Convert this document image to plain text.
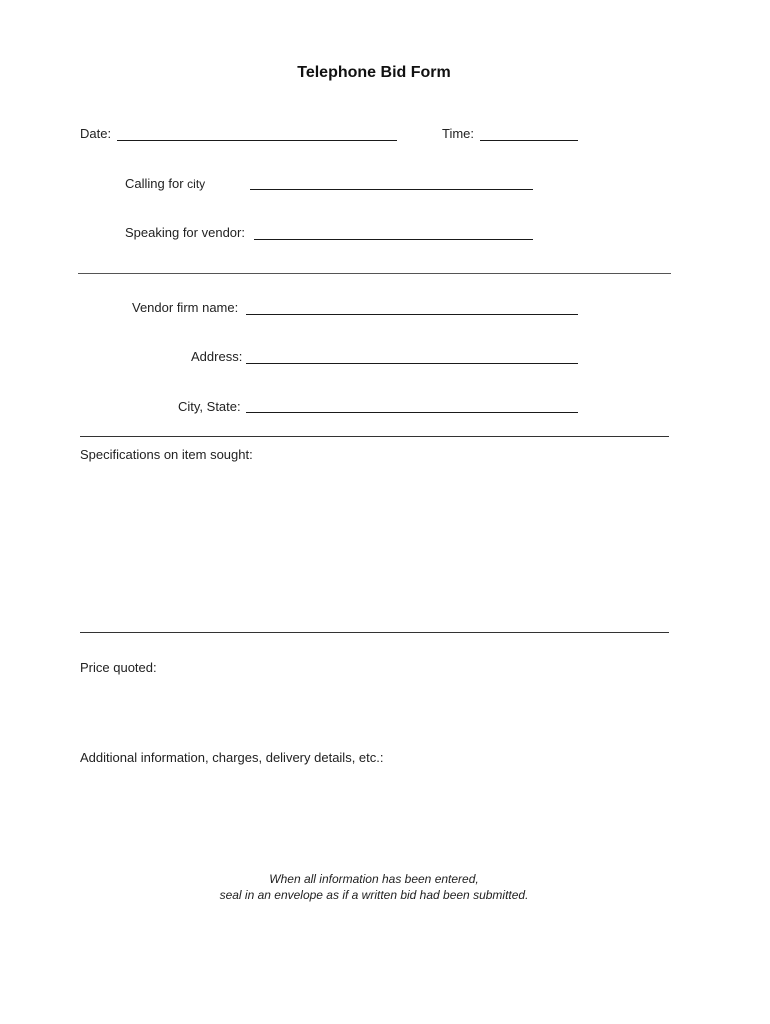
Telephone Bid Form
Date:	Time:
Calling for city
Speaking for vendor:
Vendor firm name:
Address:
City, State:
Specifications on item sought:
Price quoted:
Additional information, charges, delivery details, etc.:
When all information has been entered,
seal in an envelope as if a written bid had been submitted.
